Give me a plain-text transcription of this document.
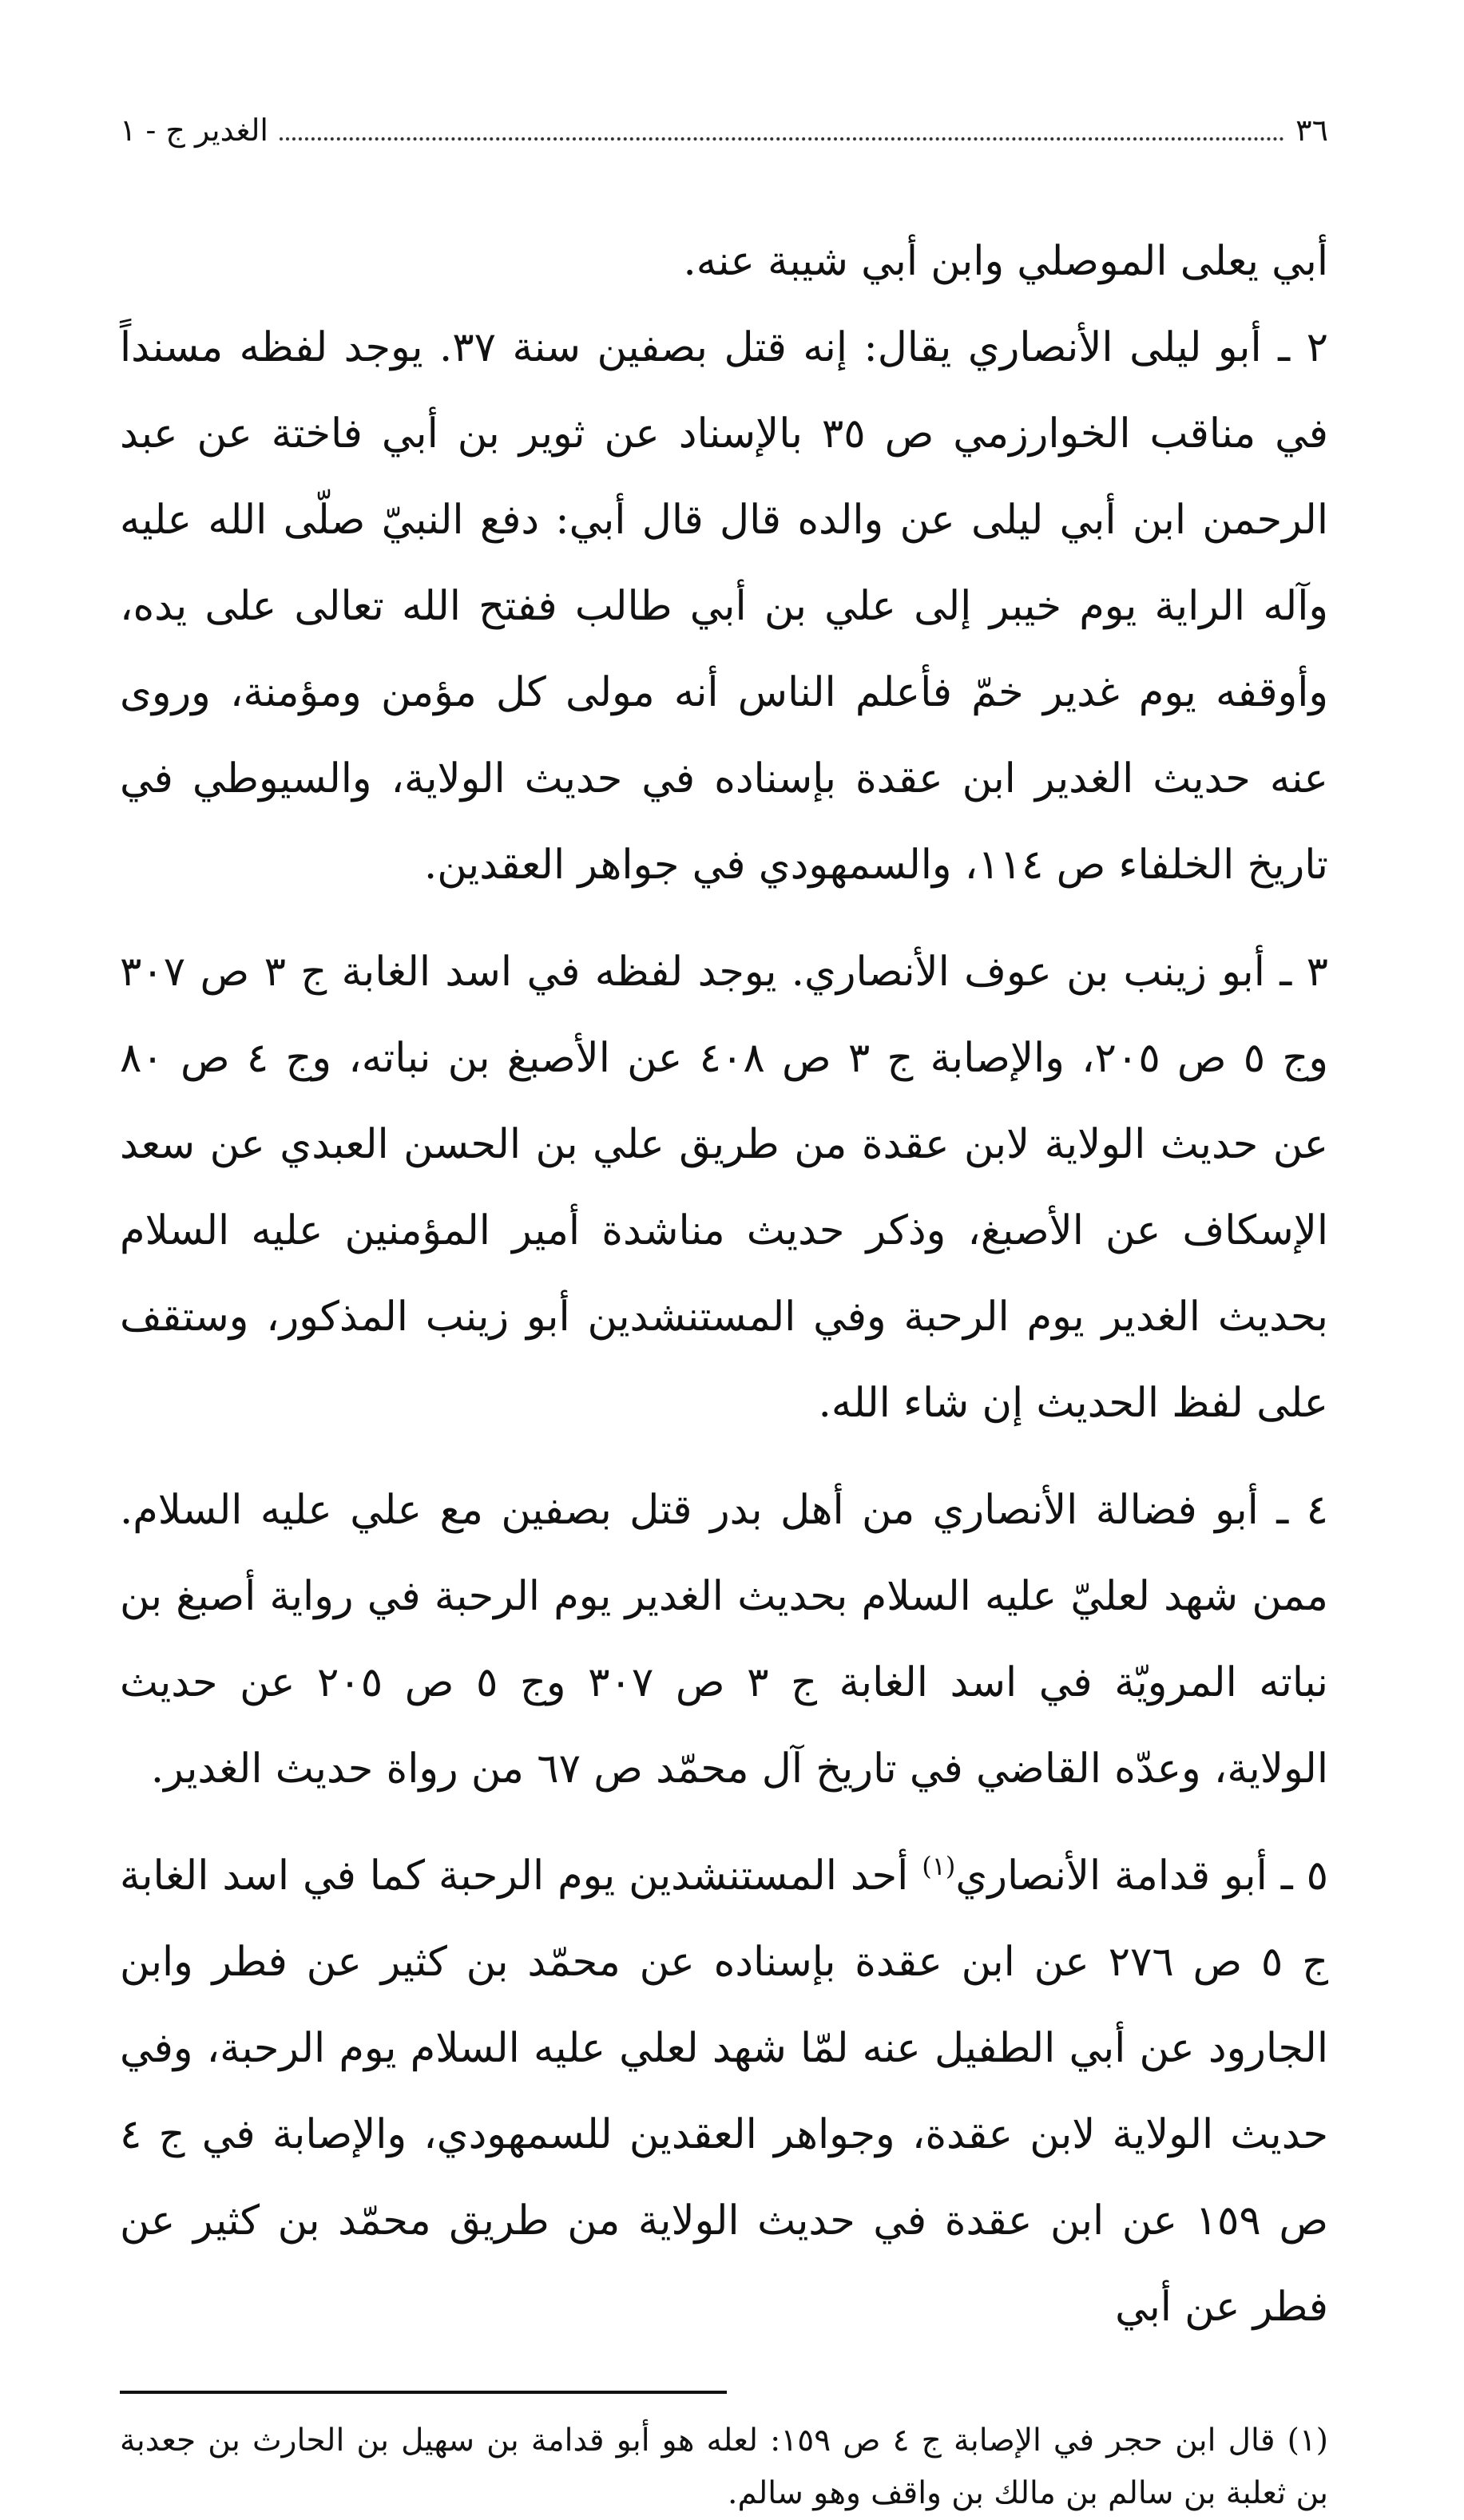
٣٦
الغدير ج - ١

أبي يعلى الموصلي وابن أبي شيبة عنه.

٢ ـ أبو ليلى الأنصاري يقال: إنه قتل بصفين سنة ٣٧. يوجد لفظه مسنداً في مناقب الخوارزمي ص ٣٥ بالإسناد عن ثوير بن أبي فاختة عن عبد الرحمن ابن أبي ليلى عن والده قال قال أبي: دفع النبيّ صلّى الله عليه وآله الراية يوم خيبر إلى علي بن أبي طالب ففتح الله تعالى على يده، وأوقفه يوم غدير خمّ فأعلم الناس أنه مولى كل مؤمن ومؤمنة، وروى عنه حديث الغدير ابن عقدة بإسناده في حديث الولاية، والسيوطي في تاريخ الخلفاء ص ١١٤، والسمهودي في جواهر العقدين.

٣ ـ أبو زينب بن عوف الأنصاري. يوجد لفظه في اسد الغابة ج ٣ ص ٣٠٧ وج ٥ ص ٢٠٥، والإصابة ج ٣ ص ٤٠٨ عن الأصبغ بن نباته، وج ٤ ص ٨٠ عن حديث الولاية لابن عقدة من طريق علي بن الحسن العبدي عن سعد الإسكاف عن الأصبغ، وذكر حديث مناشدة أمير المؤمنين عليه السلام بحديث الغدير يوم الرحبة وفي المستنشدين أبو زينب المذكور، وستقف على لفظ الحديث إن شاء الله.

٤ ـ أبو فضالة الأنصاري من أهل بدر قتل بصفين مع علي عليه السلام. ممن شهد لعليّ عليه السلام بحديث الغدير يوم الرحبة في رواية أصبغ بن نباته المرويّة في اسد الغابة ج ٣ ص ٣٠٧ وج ٥ ص ٢٠٥ عن حديث الولاية، وعدّه القاضي في تاريخ آل محمّد ص ٦٧ من رواة حديث الغدير.

٥ ـ أبو قدامة الأنصاري$^{(١)}$ أحد المستنشدين يوم الرحبة كما في اسد الغابة ج ٥ ص ٢٧٦ عن ابن عقدة بإسناده عن محمّد بن كثير عن فطر وابن الجارود عن أبي الطفيل عنه لمّا شهد لعلي عليه السلام يوم الرحبة، وفي حديث الولاية لابن عقدة، وجواهر العقدين للسمهودي، والإصابة في ج ٤ ص ١٥٩ عن ابن عقدة في حديث الولاية من طريق محمّد بن كثير عن فطر عن أبي

(١) قال ابن حجر في الإصابة ج ٤ ص ١٥٩: لعله هو أبو قدامة بن سهيل بن الحارث بن جعدبة بن ثعلبة بن سالم بن مالك بن واقف وهو سالم.
